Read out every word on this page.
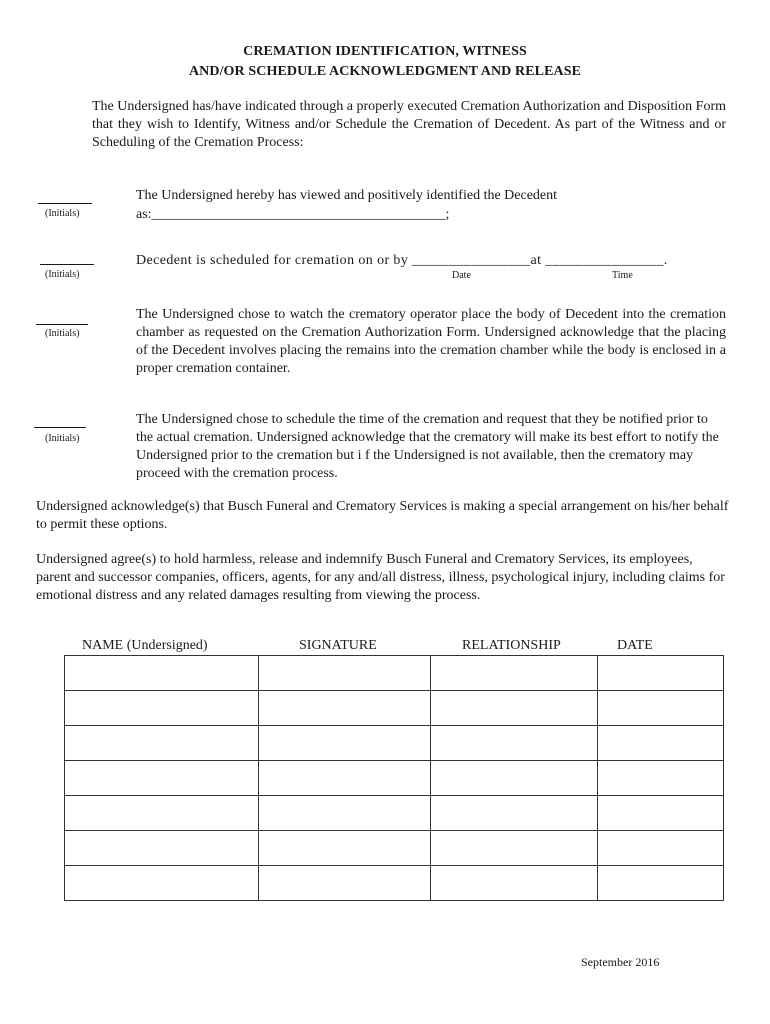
CREMATION IDENTIFICATION, WITNESS
AND/OR SCHEDULE ACKNOWLEDGMENT AND RELEASE
The Undersigned has/have indicated through a properly executed Cremation Authorization and Disposition Form that they wish to Identify, Witness and/or Schedule the Cremation of Decedent. As part of the Witness and or Scheduling of the Cremation Process:
(Initials)
The Undersigned hereby has viewed and positively identified the Decedent
as:__________________________________________;
(Initials)
Decedent is scheduled for cremation on or by ________________at ________________.
Date	Time
(Initials)
The Undersigned chose to watch the crematory operator place the body of Decedent into the cremation chamber as requested on the Cremation Authorization Form. Undersigned acknowledge that the placing of the Decedent involves placing the remains into the cremation chamber while the body is enclosed in a proper cremation container.
(Initials)
The Undersigned chose to schedule the time of the cremation and request that they be notified prior to the actual cremation. Undersigned acknowledge that the crematory will make its best effort to notify the Undersigned prior to the cremation but i f the Undersigned is not available, then the crematory may proceed with the cremation process.
Undersigned acknowledge(s) that Busch Funeral and Crematory Services is making a special arrangement on his/her behalf to permit these options.
Undersigned agree(s) to hold harmless, release and indemnify Busch Funeral and Crematory Services, its employees, parent and successor companies, officers, agents, for any and/all distress, illness, psychological injury, including claims for emotional distress and any related damages resulting from viewing the process.
NAME (Undersigned)	SIGNATURE	RELATIONSHIP	DATE

September 2016
